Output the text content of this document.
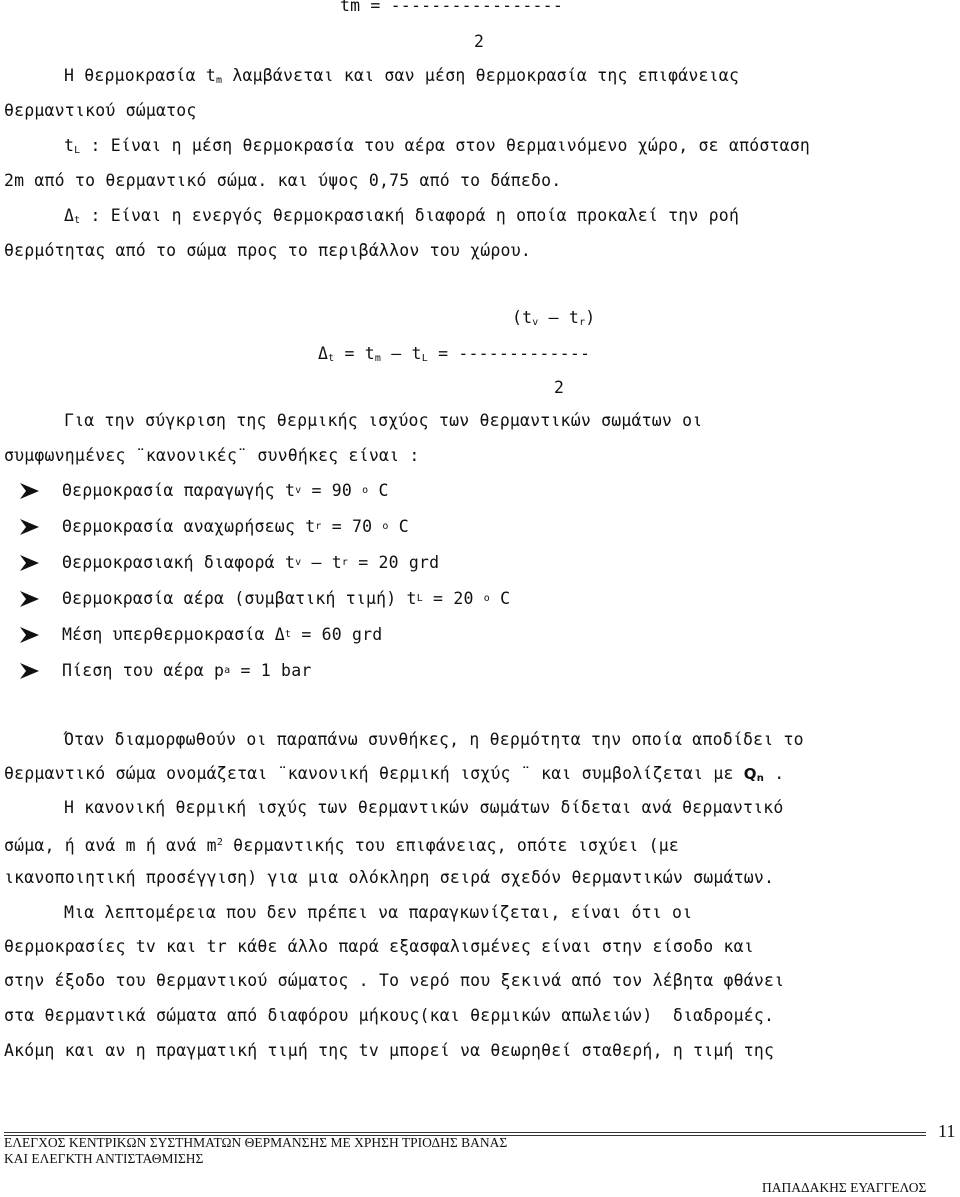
tm = -----------------
2
Η θερμοκρασία $t_m$ λαμβάνεται και σαν μέση θερμοκρασία της επιφάνειας
θερμαντικού σώματος
$t_L$ : Είναι η μέση θερμοκρασία του αέρα στον θερμαινόμενο χώρο, σε απόσταση
2m από το θερμαντικό σώμα. και ύψος 0,75 από το δάπεδο.
$\Delta_t$ : Είναι η ενεργός θερμοκρασιακή διαφορά η οποία προκαλεί την ροή
θερμότητας από το σώμα προς το περιβάλλον του χώρου.
$(t_v - t_r)$
$\Delta_t = t_m - t_L$ = -------------
2
Για την σύγκριση της θερμικής ισχύος των θερμαντικών σωμάτων οι
συμφωνημένες ¨κανονικές¨ συνθήκες είναι :
Θερμοκρασία παραγωγής t v = 90 o C
Θερμοκρασία αναχωρήσεως t r = 70 o C
Θερμοκρασιακή διαφορά t v – t r = 20 grd
Θερμοκρασία αέρα (συμβατική τιμή) t L = 20 o C
Μέση υπερθερμοκρασία Δ t = 60 grd
Πίεση του αέρα p a = 1 bar
Όταν διαμορφωθούν οι παραπάνω συνθήκες, η θερμότητα την οποία αποδίδει το
θερμαντικό σώμα ονομάζεται ¨κανονική θερμική ισχύς ¨ και συμβολίζεται με $Q_n$ .
Η κανονική θερμική ισχύς των θερμαντικών σωμάτων δίδεται ανά θερμαντικό
σώμα, ή ανά m ή ανά $m^2$ θερμαντικής του επιφάνειας, οπότε ισχύει (με
ικανοποιητική προσέγγιση) για μια ολόκληρη σειρά σχεδόν θερμαντικών σωμάτων.
Μια λεπτομέρεια που δεν πρέπει να παραγκωνίζεται, είναι ότι οι
θερμοκρασίες tv και tr κάθε άλλο παρά εξασφαλισμένες είναι στην είσοδο και
στην έξοδο του θερμαντικού σώματος . Το νερό που ξεκινά από τον λέβητα φθάνει
στα θερμαντικά σώματα από διαφόρου μήκους(και θερμικών απωλειών)  διαδρομές.
Ακόμη και αν η πραγματική τιμή της tv μπορεί να θεωρηθεί σταθερή, η τιμή της
ΕΛΕΓΧΟΣ ΚΕΝΤΡΙΚΩΝ ΣΥΣΤΗΜΑΤΩΝ ΘΕΡΜΑΝΣΗΣ ΜΕ ΧΡΗΣΗ ΤΡΙΟΔΗΣ ΒΑΝΑΣ
ΚΑΙ ΕΛΕΓΚΤΗ ΑΝΤΙΣΤΑΘΜΙΣΗΣ
11
ΠΑΠΑΔΑΚΗΣ ΕΥΑΓΓΕΛΟΣ
